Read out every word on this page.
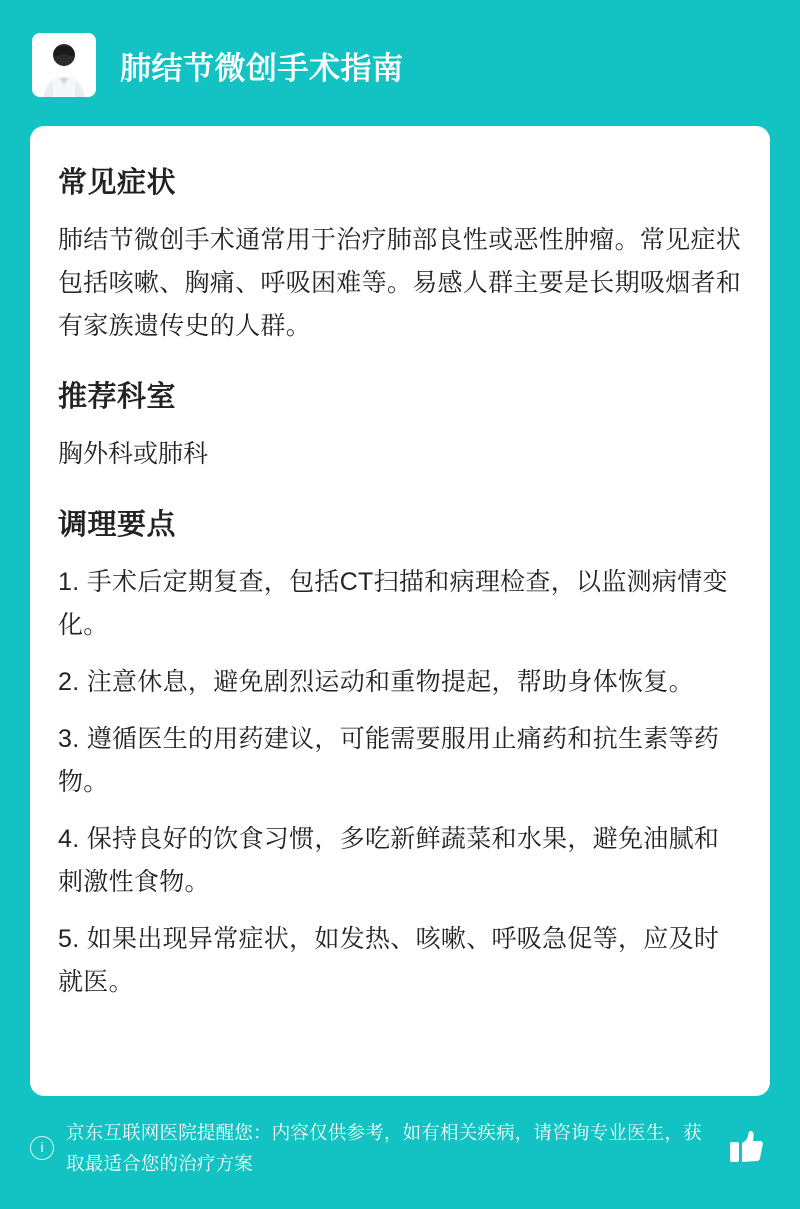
肺结节微创手术指南
常见症状

肺结节微创手术通常用于治疗肺部良性或恶性肿瘤。常见症状包括咳嗽、胸痛、呼吸困难等。易感人群主要是长期吸烟者和有家族遗传史的人群。

推荐科室

胸外科或肺科

调理要点
1. 手术后定期复查，包括CT扫描和病理检查，以监测病情变化。
2. 注意休息，避免剧烈运动和重物提起，帮助身体恢复。
3. 遵循医生的用药建议，可能需要服用止痛药和抗生素等药物。
4. 保持良好的饮食习惯，多吃新鲜蔬菜和水果，避免油腻和刺激性食物。
5. 如果出现异常症状，如发热、咳嗽、呼吸急促等，应及时就医。
i
京东互联网医院提醒您：内容仅供参考，如有相关疾病，请咨询专业医生，获取最适合您的治疗方案
